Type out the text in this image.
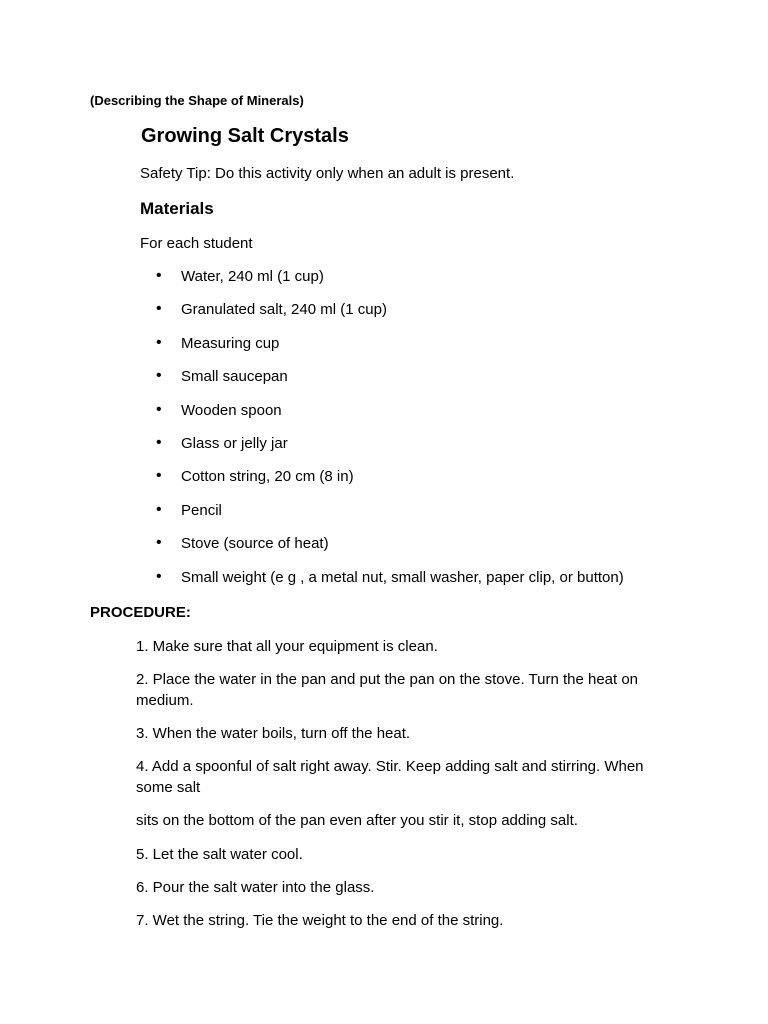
(Describing the Shape of Minerals)

Growing Salt Crystals

Safety Tip: Do this activity only when an adult is present.

Materials

For each student

• Water, 240 ml (1 cup)
• Granulated salt, 240 ml (1 cup)
• Measuring cup
• Small saucepan
• Wooden spoon
• Glass or jelly jar
• Cotton string, 20 cm (8 in)
• Pencil
• Stove (source of heat)
• Small weight (e g , a metal nut, small washer, paper clip, or button)

PROCEDURE:

1. Make sure that all your equipment is clean.

2. Place the water in the pan and put the pan on the stove. Turn the heat on medium.

3. When the water boils, turn off the heat.

4. Add a spoonful of salt right away. Stir. Keep adding salt and stirring. When some salt

sits on the bottom of the pan even after you stir it, stop adding salt.

5. Let the salt water cool.

6. Pour the salt water into the glass.

7. Wet the string. Tie the weight to the end of the string.
